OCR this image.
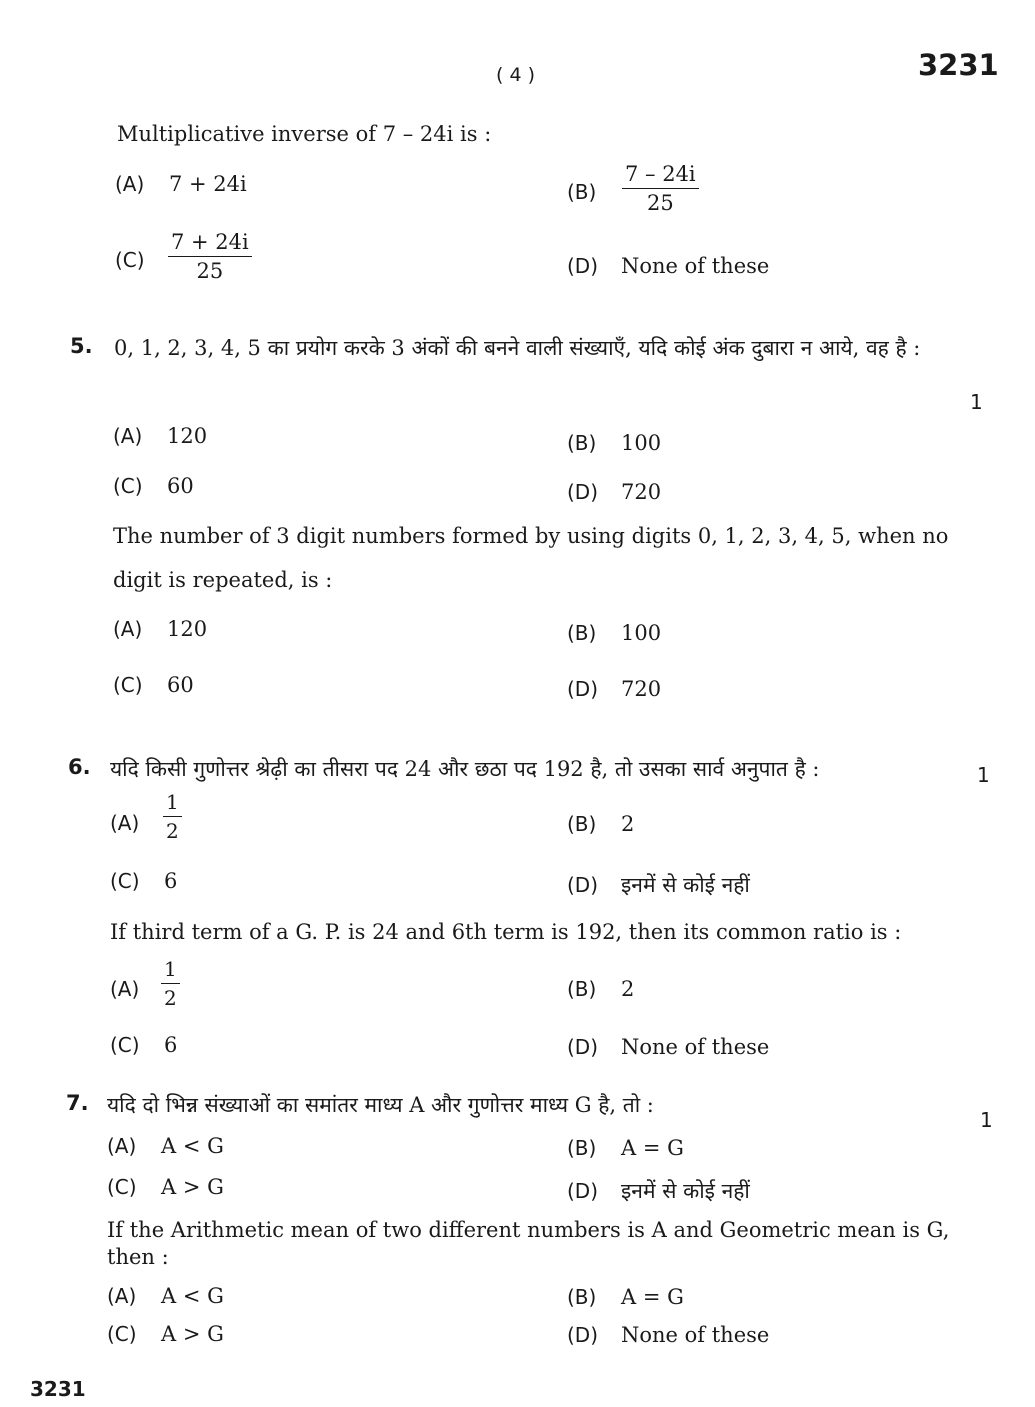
( 4 )	3231
Multiplicative inverse of 7 – 24i is :
(A) 7 + 24i	(B)	$\frac{7 - 24i}{25}$
(C)	$\frac{7 + 24i}{25}$	(D) None of these
5. 0, 1, 2, 3, 4, 5 का प्रयोग करके 3 अंकों की बनने वाली संख्याएँ, यदि कोई अंक दुबारा न आये, वह है :
1
(A) 120	(B) 100
(C) 60	(D) 720
The number of 3 digit numbers formed by using digits 0, 1, 2, 3, 4, 5, when no
digit is repeated, is :
(A) 120	(B) 100
(C) 60	(D) 720
6. यदि किसी गुणोत्तर श्रेढ़ी का तीसरा पद 24 और छठा पद 192 है, तो उसका सार्व अनुपात है :	1
(A)	$\frac{1}{2}$	(B) 2
(C) 6	(D) इनमें से कोई नहीं
If third term of a G. P. is 24 and 6th term is 192, then its common ratio is :
(A)	$\frac{1}{2}$	(B) 2
(C) 6	(D) None of these
7. यदि दो भिन्न संख्याओं का समांतर माध्य A और गुणोत्तर माध्य G है, तो :
1
(A) A < G	(B) A = G
(C) A > G	(D) इनमें से कोई नहीं
If the Arithmetic mean of two different numbers is A and Geometric mean is G,
then :
(A) A < G	(B) A = G
(C) A > G	(D) None of these
3231
